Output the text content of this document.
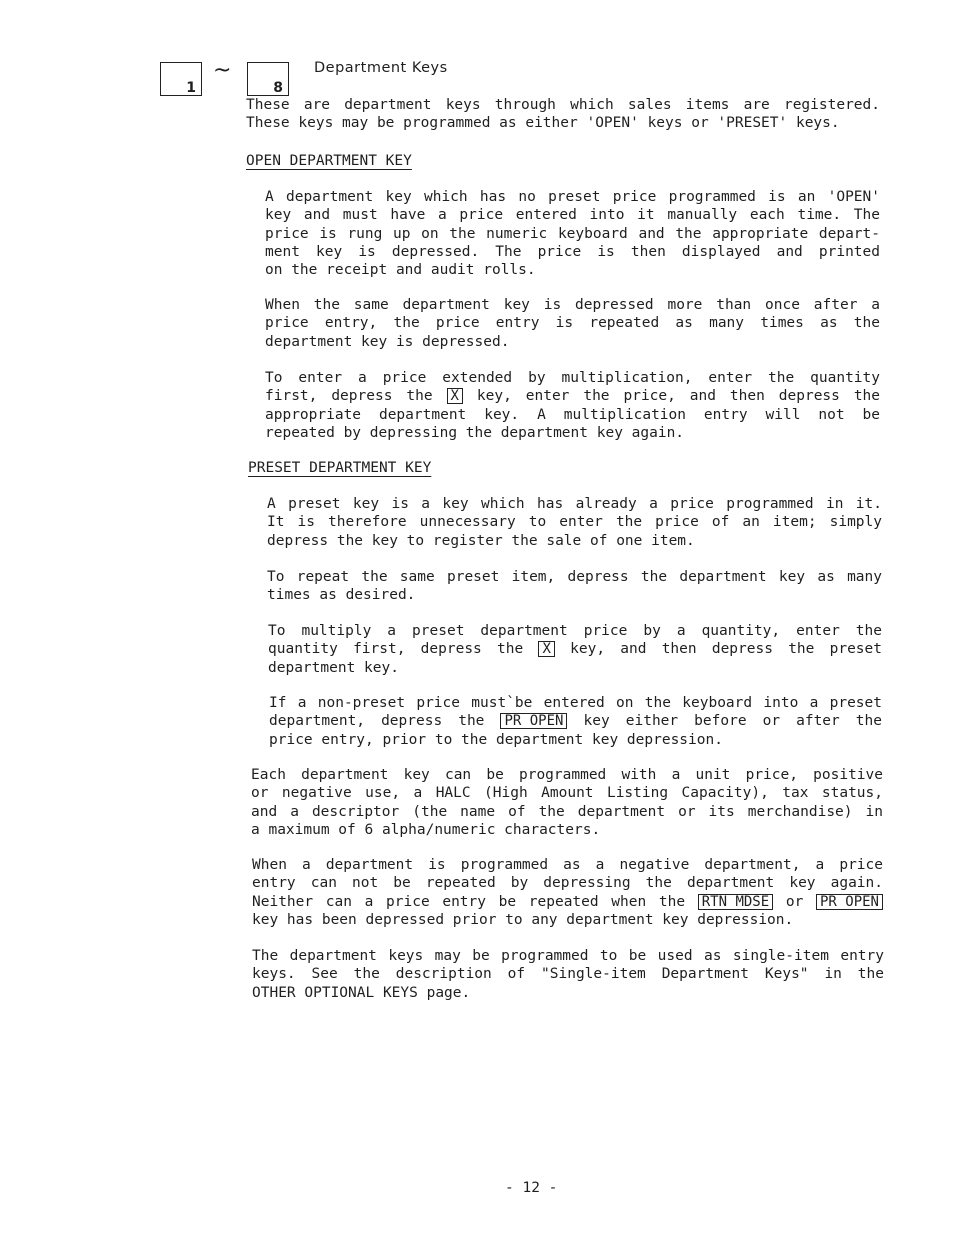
1
~
8
Department Keys
These are department keys through which sales items are registered.
These keys may be programmed as either 'OPEN' keys or 'PRESET' keys.
OPEN DEPARTMENT KEY
A department key which has no preset price programmed is an 'OPEN'
key and must have a price entered into it manually each time. The
price is rung up on the numeric keyboard and the appropriate depart-
ment key is depressed. The price is then displayed and printed
on the receipt and audit rolls.
When the same department key is depressed more than once after a
price entry, the price entry is repeated as many times as the
department key is depressed.
To enter a price extended by multiplication, enter the quantity
first, depress the X key, enter the price, and then depress the
appropriate department key. A multiplication entry will not be
repeated by depressing the department key again.
PRESET DEPARTMENT KEY
A preset key is a key which has already a price programmed in it.
It is therefore unnecessary to enter the price of an item; simply
depress the key to register the sale of one item.
To repeat the same preset item, depress the department key as many
times as desired.
To multiply a preset department price by a quantity, enter the
quantity first, depress the X key, and then depress the preset
department key.
If a non-preset price must`be entered on the keyboard into a preset
department, depress the PR OPEN key either before or after the
price entry, prior to the department key depression.
Each department key can be programmed with a unit price, positive
or negative use, a HALC (High Amount Listing Capacity), tax status,
and a descriptor (the name of the department or its merchandise) in
a maximum of 6 alpha/numeric characters.
When a department is programmed as a negative department, a price
entry can not be repeated by depressing the department key again.
Neither can a price entry be repeated when the RTN MDSE or PR OPEN
key has been depressed prior to any department key depression.
The department keys may be programmed to be used as single-item entry
keys. See the description of "Single-item Department Keys" in the
OTHER OPTIONAL KEYS page.
- 12 -
